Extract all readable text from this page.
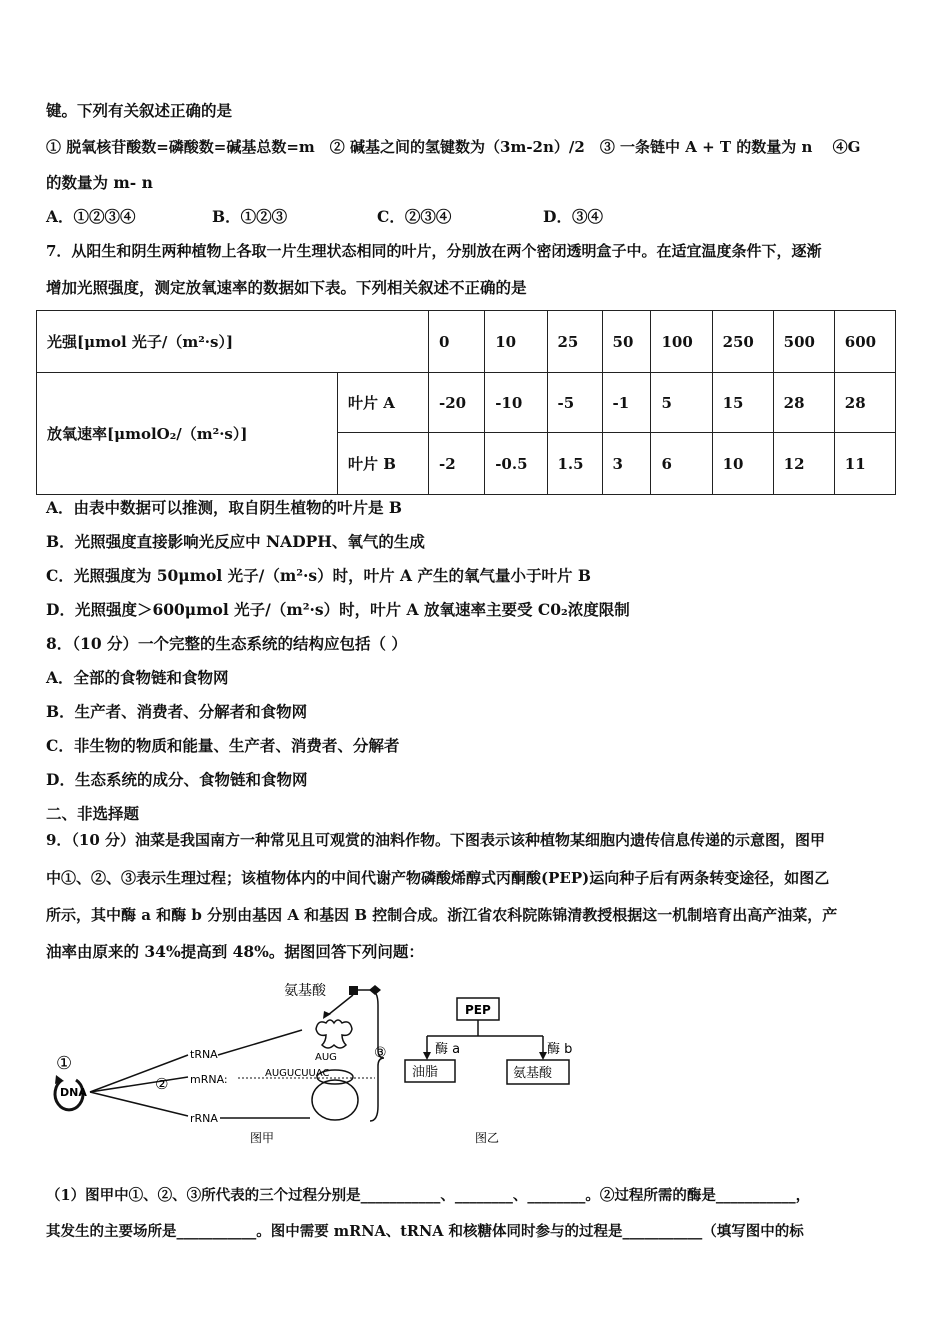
键。下列有关叙述正确的是
① 脱氧核苷酸数=磷酸数=碱基总数=m　② 碱基之间的氢键数为（3m-2n）/2　③ 一条链中 A + T 的数量为 n　 ④G
的数量为 m- n
A．①②③④	B．①②③	C．②③④	D．③④
7．从阳生和阴生两种植物上各取一片生理状态相同的叶片，分别放在两个密闭透明盒子中。在适宜温度条件下，逐渐
增加光照强度，测定放氧速率的数据如下表。下列相关叙述不正确的是
光强[μmol 光子/（m²·s）]		0	10	25	50	100	250	500	600
放氧速率[μmolO₂/（m²·s）]	叶片 A	-20	-10	-5	-1	5	15	28	28
	叶片 B	-2	-0.5	1.5	3	6	10	12	11
A．由表中数据可以推测，取自阴生植物的叶片是 B
B．光照强度直接影响光反应中 NADPH、氧气的生成
C．光照强度为 50μmol 光子/（m²·s）时，叶片 A 产生的氧气量小于叶片 B
D．光照强度＞600μmol 光子/（m²·s）时，叶片 A 放氧速率主要受 C0₂浓度限制
8．（10 分）一个完整的生态系统的结构应包括（ ）
A．全部的食物链和食物网
B．生产者、消费者、分解者和食物网
C．非生物的物质和能量、生产者、消费者、分解者
D．生态系统的成分、食物链和食物网
二、非选择题
9．（10 分）油菜是我国南方一种常见且可观赏的油料作物。下图表示该种植物某细胞内遗传信息传递的示意图，图甲
中①、②、③表示生理过程；该植物体内的中间代谢产物磷酸烯醇式丙酮酸(PEP)运向种子后有两条转变途径，如图乙
所示，其中酶 a 和酶 b 分别由基因 A 和基因 B 控制合成。浙江省农科院陈锦清教授根据这一机制培育出高产油菜，产
油率由原来的 34%提高到 48%。据图回答下列问题：
氨基酸
AUG
①
DNA	②
tRNA
mRNA:
rRNA
AUGUCUUAC
③
图甲
PEP
酶 a	酶 b
油脂	氨基酸
图乙
（1）图甲中①、②、③所代表的三个过程分别是___________、________、________。②过程所需的酶是___________，
其发生的主要场所是___________。图中需要 mRNA、tRNA 和核糖体同时参与的过程是___________（填写图中的标
